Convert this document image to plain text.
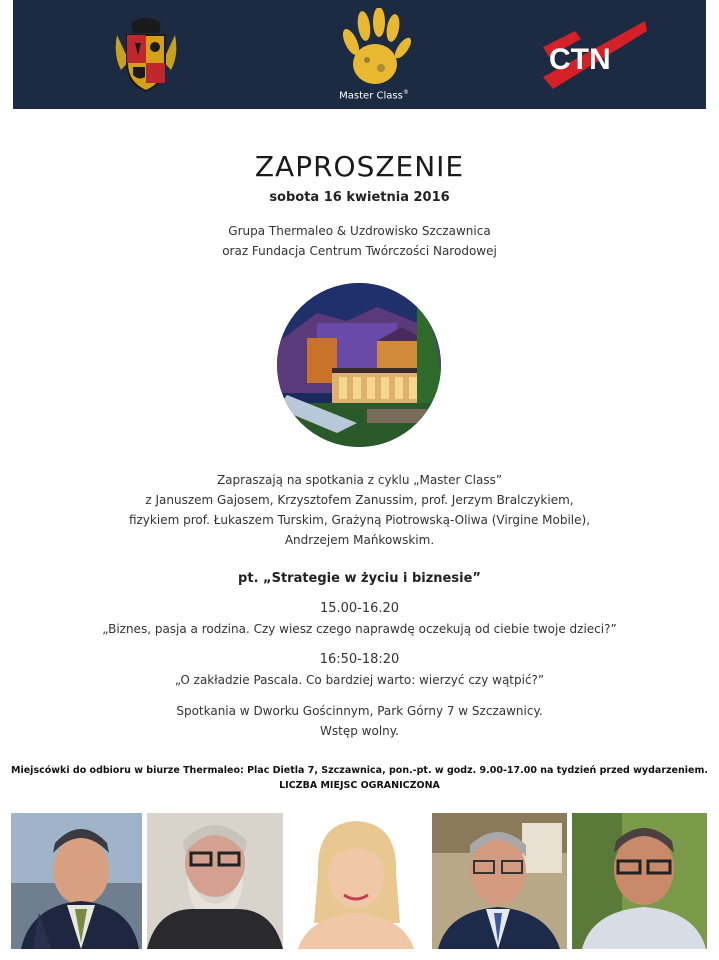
Master Class®
CTN
ZAPROSZENIE
sobota 16 kwietnia 2016
Grupa Thermaleo & Uzdrowisko Szczawnica
oraz Fundacja Centrum Twórczości Narodowej
Zapraszają na spotkania z cyklu „Master Class”
z Januszem Gajosem, Krzysztofem Zanussim, prof. Jerzym Bralczykiem,
fizykiem prof. Łukaszem Turskim, Grażyną Piotrowską-Oliwa (Virgine Mobile),
Andrzejem Mańkowskim.
pt. „Strategie w życiu i biznesie”
15.00-16.20
„Biznes, pasja a rodzina. Czy wiesz czego naprawdę oczekują od ciebie twoje dzieci?”
16:50-18:20
„O zakładzie Pascala. Co bardziej warto: wierzyć czy wątpić?”
Spotkania w Dworku Gościnnym, Park Górny 7 w Szczawnicy.
Wstęp wolny.
Miejscówki do odbioru w biurze Thermaleo: Plac Dietla 7, Szczawnica, pon.-pt. w godz. 9.00-17.00 na tydzień przed wydarzeniem.
LICZBA MIEJSC OGRANICZONA
